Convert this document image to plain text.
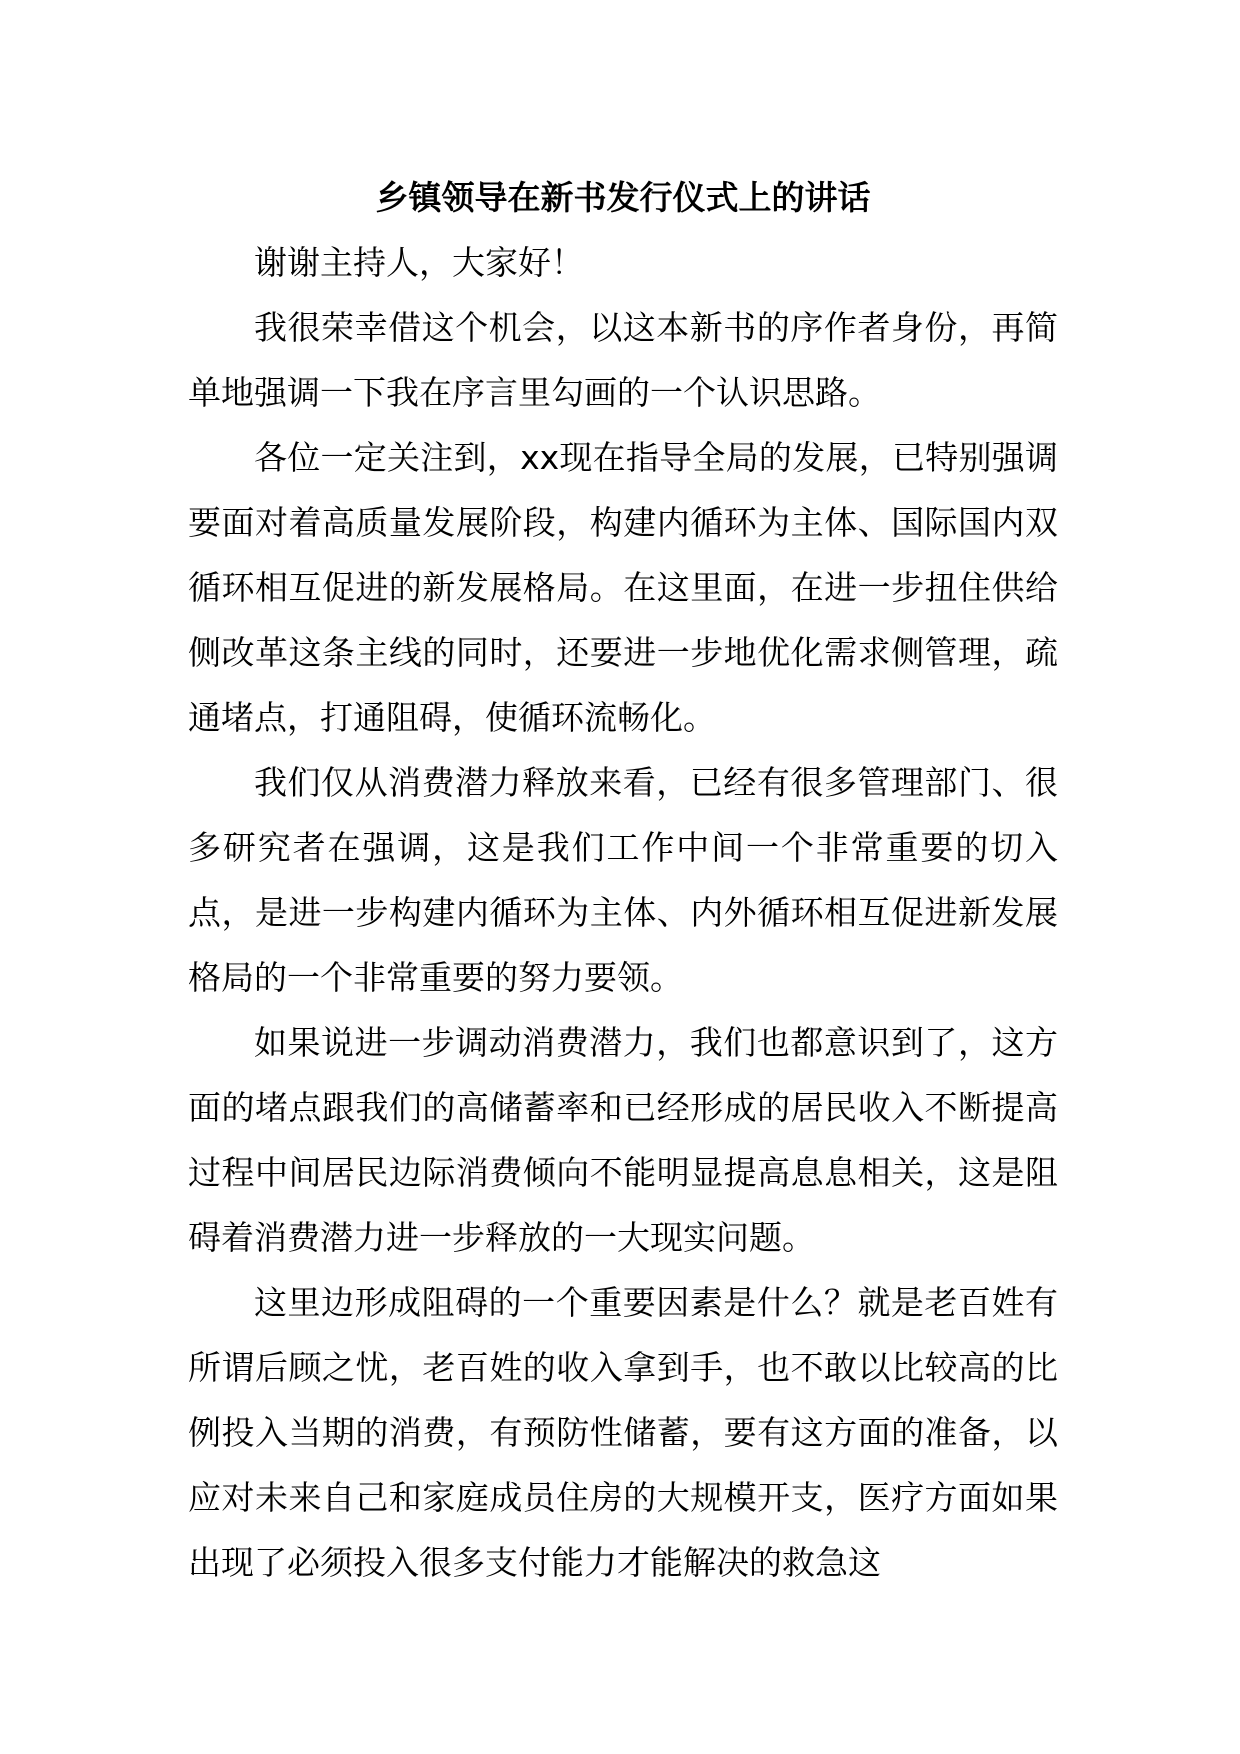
乡镇领导在新书发行仪式上的讲话

谢谢主持人，大家好！

我很荣幸借这个机会，以这本新书的序作者身份，再简单地强调一下我在序言里勾画的一个认识思路。

各位一定关注到，xx现在指导全局的发展，已特别强调要面对着高质量发展阶段，构建内循环为主体、国际国内双循环相互促进的新发展格局。在这里面，在进一步扭住供给侧改革这条主线的同时，还要进一步地优化需求侧管理，疏通堵点，打通阻碍，使循环流畅化。

我们仅从消费潜力释放来看，已经有很多管理部门、很多研究者在强调，这是我们工作中间一个非常重要的切入点，是进一步构建内循环为主体、内外循环相互促进新发展格局的一个非常重要的努力要领。

如果说进一步调动消费潜力，我们也都意识到了，这方面的堵点跟我们的高储蓄率和已经形成的居民收入不断提高过程中间居民边际消费倾向不能明显提高息息相关，这是阻碍着消费潜力进一步释放的一大现实问题。

这里边形成阻碍的一个重要因素是什么？就是老百姓有所谓后顾之忧，老百姓的收入拿到手，也不敢以比较高的比例投入当期的消费，有预防性储蓄，要有这方面的准备，以应对未来自己和家庭成员住房的大规模开支，医疗方面如果出现了必须投入很多支付能力才能解决的救急这
